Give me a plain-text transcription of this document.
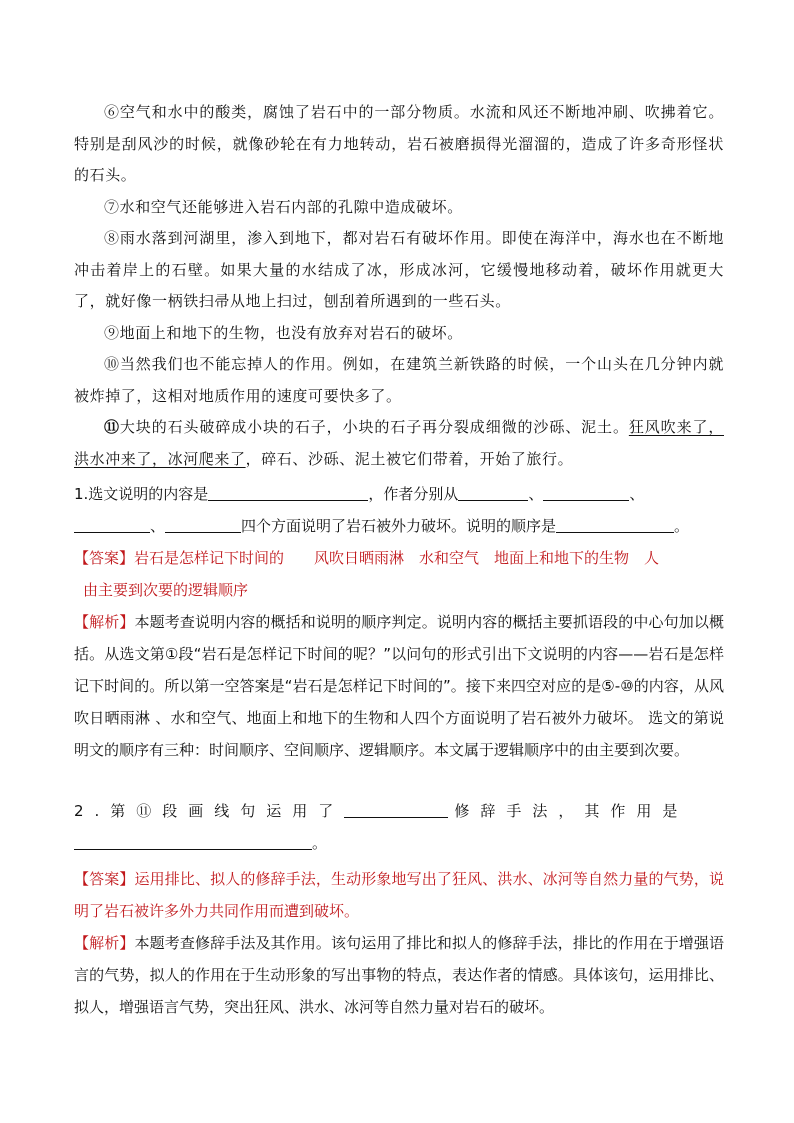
⑥空气和水中的酸类，腐蚀了岩石中的一部分物质。水流和风还不断地冲刷、吹拂着它。特别是刮风沙的时候，就像砂轮在有力地转动，岩石被磨损得光溜溜的，造成了许多奇形怪状的石头。

⑦水和空气还能够进入岩石内部的孔隙中造成破坏。

⑧雨水落到河湖里，渗入到地下，都对岩石有破坏作用。即使在海洋中，海水也在不断地冲击着岸上的石壁。如果大量的水结成了冰，形成冰河，它缓慢地移动着，破坏作用就更大了，就好像一柄铁扫帚从地上扫过，刨刮着所遇到的一些石头。

⑨地面上和地下的生物，也没有放弃对岩石的破坏。

⑩当然我们也不能忘掉人的作用。例如，在建筑兰新铁路的时候，一个山头在几分钟内就被炸掉了，这相对地质作用的速度可要快多了。

⑪大块的石头破碎成小块的石子，小块的石子再分裂成细微的沙砾、泥土。狂风吹来了，洪水冲来了，冰河爬来了，碎石、沙砾、泥土被它们带着，开始了旅行。

1.选文说明的内容是	，作者分别从	、	、
、	四个方面说明了岩石被外力破坏。说明的顺序是	。

【答案】岩石是怎样记下时间的　　风吹日晒雨淋　水和空气　地面上和地下的生物　人

由主要到次要的逻辑顺序

【解析】本题考查说明内容的概括和说明的顺序判定。说明内容的概括主要抓语段的中心句加以概括。从选文第①段“岩石是怎样记下时间的呢？”以问句的形式引出下文说明的内容——岩石是怎样记下时间的。所以第一空答案是“岩石是怎样记下时间的”。接下来四空对应的是⑤-⑩的内容，从风吹日晒雨淋 、水和空气、地面上和地下的生物和人四个方面说明了岩石被外力破坏。 选文的第说明文的顺序有三种：时间顺序、空间顺序、逻辑顺序。本文属于逻辑顺序中的由主要到次要。

2.第⑪段画线句运用了	修辞手法，其作用是
。

【答案】运用排比、拟人的修辞手法，生动形象地写出了狂风、洪水、冰河等自然力量的气势，说明了岩石被许多外力共同作用而遭到破坏。

【解析】本题考查修辞手法及其作用。该句运用了排比和拟人的修辞手法，排比的作用在于增强语言的气势，拟人的作用在于生动形象的写出事物的特点，表达作者的情感。具体该句，运用排比、拟人，增强语言气势，突出狂风、洪水、冰河等自然力量对岩石的破坏。
